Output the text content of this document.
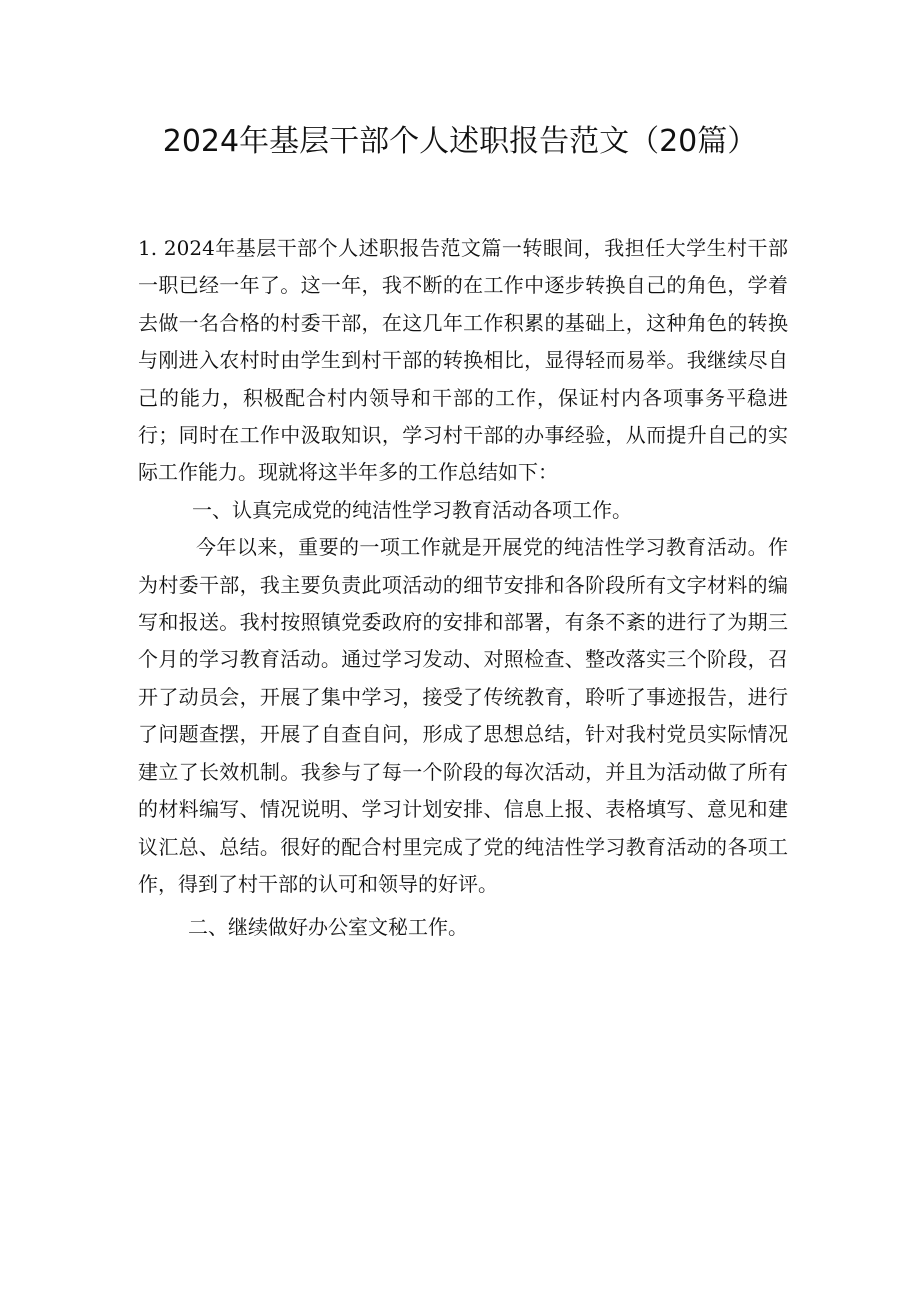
2024年基层干部个人述职报告范文（20篇）

1. 2024年基层干部个人述职报告范文篇一转眼间，我担任大学生村干部一职已经一年了。这一年，我不断的在工作中逐步转换自己的角色，学着去做一名合格的村委干部，在这几年工作积累的基础上，这种角色的转换与刚进入农村时由学生到村干部的转换相比，显得轻而易举。我继续尽自己的能力，积极配合村内领导和干部的工作，保证村内各项事务平稳进行；同时在工作中汲取知识，学习村干部的办事经验，从而提升自己的实际工作能力。现就将这半年多的工作总结如下：

一、认真完成党的纯洁性学习教育活动各项工作。

今年以来，重要的一项工作就是开展党的纯洁性学习教育活动。作为村委干部，我主要负责此项活动的细节安排和各阶段所有文字材料的编写和报送。我村按照镇党委政府的安排和部署，有条不紊的进行了为期三个月的学习教育活动。通过学习发动、对照检查、整改落实三个阶段，召开了动员会，开展了集中学习，接受了传统教育，聆听了事迹报告，进行了问题查摆，开展了自查自问，形成了思想总结，针对我村党员实际情况建立了长效机制。我参与了每一个阶段的每次活动，并且为活动做了所有的材料编写、情况说明、学习计划安排、信息上报、表格填写、意见和建议汇总、总结。很好的配合村里完成了党的纯洁性学习教育活动的各项工作，得到了村干部的认可和领导的好评。

二、继续做好办公室文秘工作。
